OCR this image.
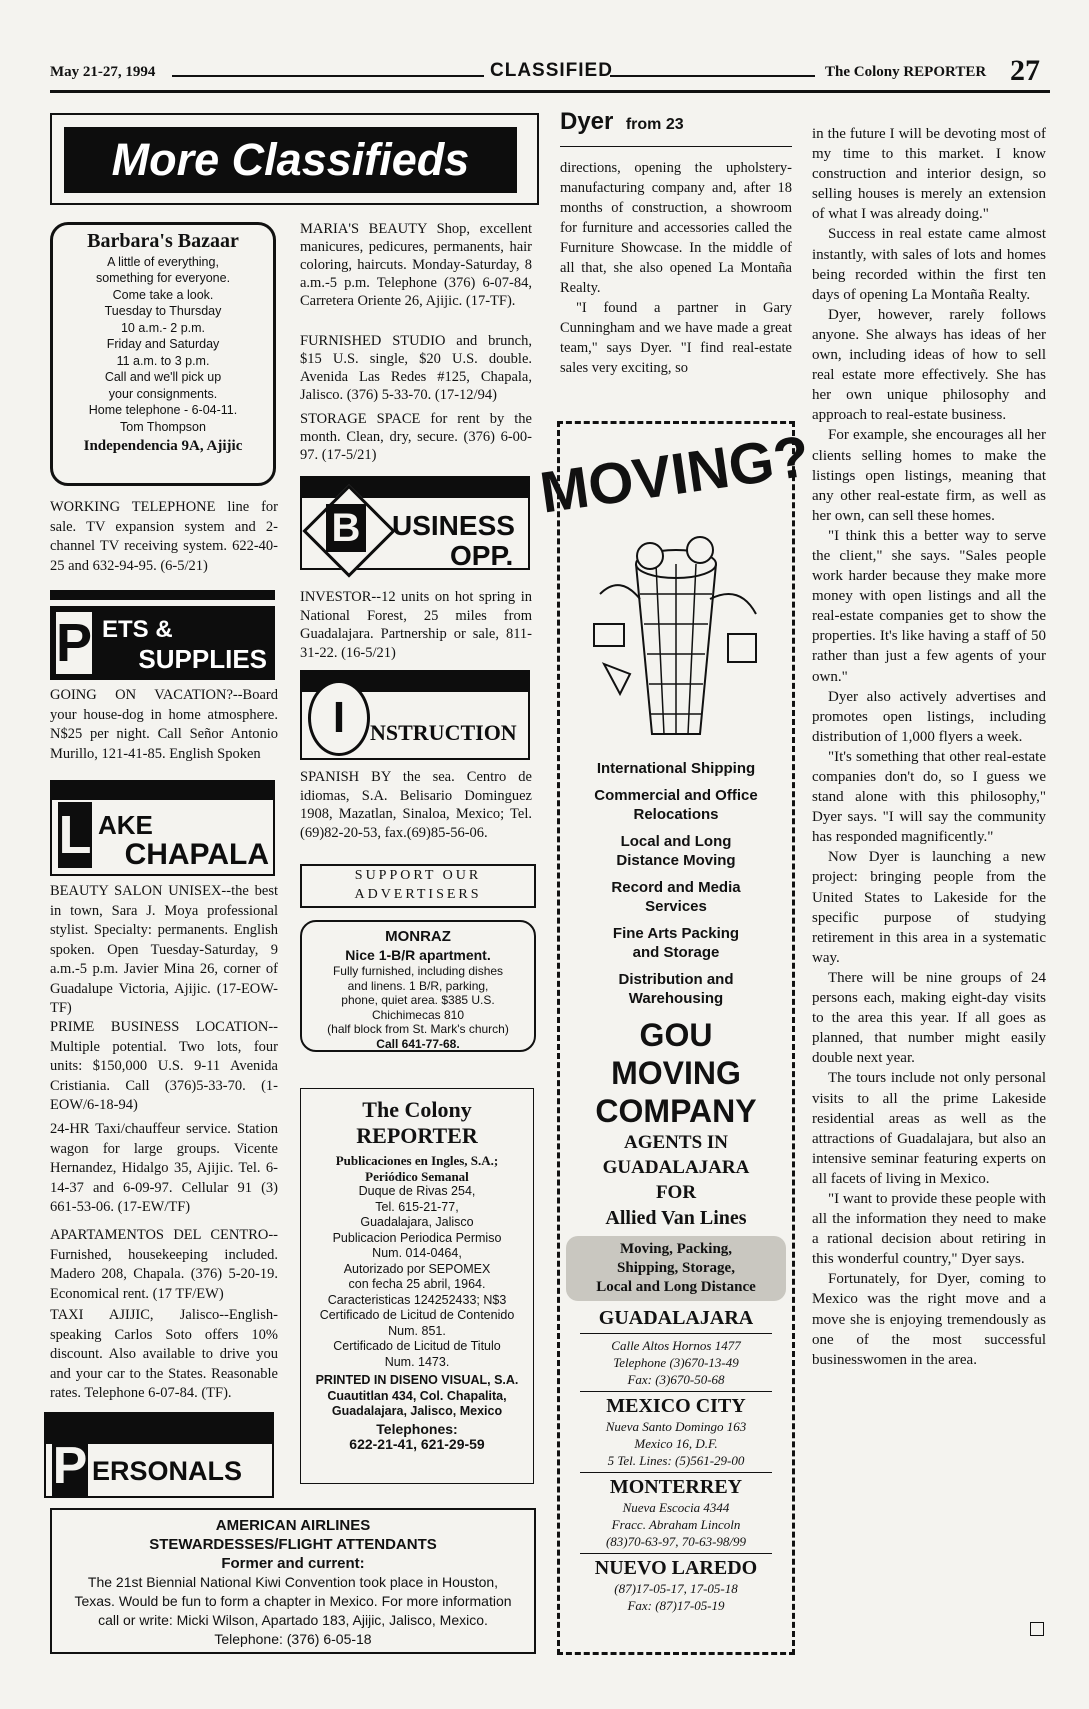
May 21-27, 1994	CLASSIFIED	The Colony REPORTER 27
More Classifieds
Barbara's Bazaar
A little of everything,
something for everyone.
Come take a look.
Tuesday to Thursday
10 a.m.- 2 p.m.
Friday and Saturday
11 a.m. to 3 p.m.
Call and we'll pick up
your consignments.
Home telephone - 6-04-11.
Tom Thompson
Independencia 9A, Ajijic
WORKING TELEPHONE line for sale. TV expansion system and 2-channel TV receiving system. 622-40-25 and 632-94-95. (6-5/21)
P ETS &
SUPPLIES
GOING ON VACATION?--Board your house-dog in home atmosphere. N$25 per night. Call Señor Antonio Murillo, 121-41-85. English Spoken
L AKE
CHAPALA
BEAUTY SALON UNISEX--the best in town, Sara J. Moya professional stylist. Specialty: permanents. English spoken. Open Tuesday-Saturday, 9 a.m.-5 p.m. Javier Mina 26, corner of Guadalupe Victoria, Ajijic. (17-EOW-TF)
PRIME BUSINESS LOCATION--Multiple potential. Two lots, four units: $150,000 U.S. 9-11 Avenida Cristiania. Call (376)5-33-70. (1-EOW/6-18-94)
24-HR Taxi/chauffeur service. Station wagon for large groups. Vicente Hernandez, Hidalgo 35, Ajijic. Tel. 6-14-37 and 6-09-97. Cellular 91 (3) 661-53-06. (17-EW/TF)
APARTAMENTOS DEL CENTRO--Furnished, housekeeping included. Madero 208, Chapala. (376) 5-20-19. Economical rent. (17 TF/EW)
TAXI AJIJIC, Jalisco--English-speaking Carlos Soto offers 10% discount. Also available to drive you and your car to the States. Reasonable rates. Telephone 6-07-84. (TF).
P ERSONALS
MARIA'S BEAUTY Shop, excellent manicures, pedicures, permanents, hair coloring, haircuts. Monday-Saturday, 8 a.m.-5 p.m. Telephone (376) 6-07-84, Carretera Oriente 26, Ajijic. (17-TF).
FURNISHED STUDIO and brunch, $15 U.S. single, $20 U.S. double. Avenida Las Redes #125, Chapala, Jalisco. (376) 5-33-70. (17-12/94)
STORAGE SPACE for rent by the month. Clean, dry, secure. (376) 6-00-97. (17-5/21)
B USINESS
OPP.
INVESTOR--12 units on hot spring in National Forest, 25 miles from Guadalajara. Partnership or sale, 811-31-22. (16-5/21)
I	NSTRUCTION
SPANISH BY the sea. Centro de idiomas, S.A. Belisario Dominguez 1908, Mazatlan, Sinaloa, Mexico; Tel. (69)82-20-53, fax.(69)85-56-06.
SUPPORT OUR
ADVERTISERS
MONRAZ
Nice 1-B/R apartment.
Fully furnished, including dishes
and linens. 1 B/R, parking,
phone, quiet area. $385 U.S.
Chichimecas 810
(half block from St. Mark's church)
Call 641-77-68.
The Colony
REPORTER
Publicaciones en Ingles, S.A.;
Periódico Semanal
Duque de Rivas 254,
Tel. 615-21-77,
Guadalajara, Jalisco
Publicacion Periodica Permiso
Num. 014-0464,
Autorizado por SEPOMEX
con fecha 25 abril, 1964.
Caracteristicas 124252433; N$3
Certificado de Licitud de Contenido
Num. 851.
Certificado de Licitud de Titulo
Num. 1473.
PRINTED IN DISENO VISUAL, S.A.
Cuautitlan 434, Col. Chapalita,
Guadalajara, Jalisco, Mexico
Telephones:
622-21-41, 621-29-59
AMERICAN AIRLINES
STEWARDESSES/FLIGHT ATTENDANTS
Former and current:
The 21st Biennial National Kiwi Convention took place in Houston, Texas. Would be fun to form a chapter in Mexico. For more information call or write: Micki Wilson, Apartado 183, Ajijic, Jalisco, Mexico. Telephone: (376) 6-05-18
Dyer from 23

directions, opening the upholstery-manufacturing company and, after 18 months of construction, a showroom for furniture and accessories called the Furniture Showcase. In the middle of all that, she also opened La Montaña Realty.

"I found a partner in Gary Cunningham and we have made a great team," says Dyer. "I find real-estate sales very exciting, so

in the future I will be devoting most of my time to this market. I know construction and interior design, so selling houses is merely an extension of what I was already doing."

Success in real estate came almost instantly, with sales of lots and homes being recorded within the first ten days of opening La Montaña Realty.

Dyer, however, rarely follows anyone. She always has ideas of her own, including ideas of how to sell real estate more effectively. She has her own unique philosophy and approach to real-estate business.

For example, she encourages all her clients selling homes to make the listings open listings, meaning that any other real-estate firm, as well as her own, can sell these homes.

"I think this a better way to serve the client," she says. "Sales people work harder because they make more money with open listings and all the real-estate companies get to show the properties. It's like having a staff of 50 rather than just a few agents of your own."

Dyer also actively advertises and promotes open listings, including distribution of 1,000 flyers a week.

"It's something that other real-estate companies don't do, so I guess we stand alone with this philosophy," Dyer says. "I will say the community has responded magnificently."

Now Dyer is launching a new project: bringing people from the United States to Lakeside for the specific purpose of studying retirement in this area in a systematic way.

There will be nine groups of 24 persons each, making eight-day visits to the area this year. If all goes as planned, that number might easily double next year.

The tours include not only personal visits to all the prime Lakeside residential areas as well as the attractions of Guadalajara, but also an intensive seminar featuring experts on all facets of living in Mexico.

"I want to provide these people with all the information they need to make a rational decision about retiring in this wonderful country," Dyer says.

Fortunately, for Dyer, coming to Mexico was the right move and a move she is enjoying tremendously as one of the most successful businesswomen in the area.

MOVING?
International Shipping
Commercial and Office Relocations
Local and Long Distance Moving
Record and Media Services
Fine Arts Packing and Storage
Distribution and Warehousing
GOU
MOVING
COMPANY
AGENTS IN GUADALAJARA FOR
Allied Van Lines
Moving, Packing,
Shipping, Storage,
Local and Long Distance
GUADALAJARA
Calle Altos Hornos 1477
Telephone (3)670-13-49
Fax: (3)670-50-68
MEXICO CITY
Nueva Santo Domingo 163
Mexico 16, D.F.
5 Tel. Lines: (5)561-29-00
MONTERREY
Nueva Escocia 4344
Fracc. Abraham Lincoln
(83)70-63-97, 70-63-98/99
NUEVO LAREDO
(87)17-05-17, 17-05-18
Fax: (87)17-05-19
